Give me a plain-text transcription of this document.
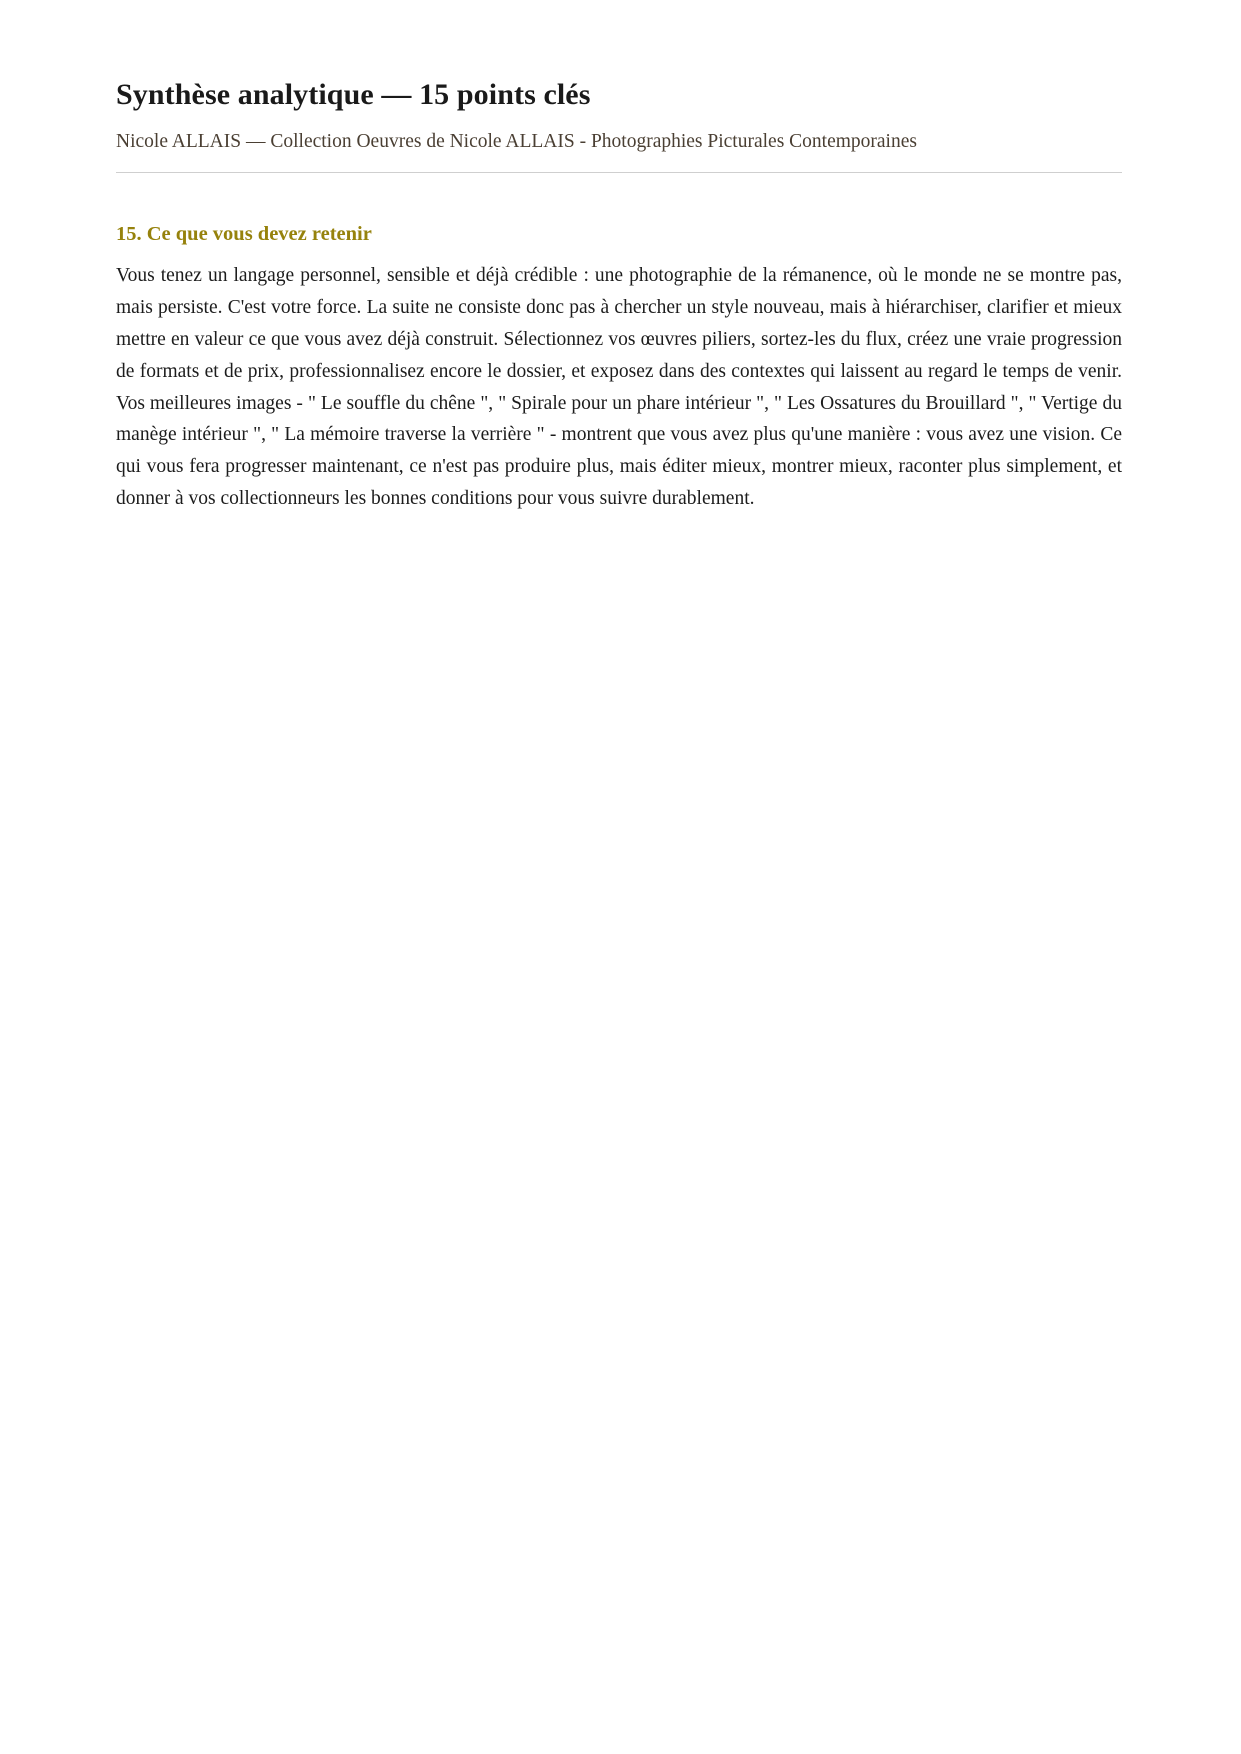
Synthèse analytique — 15 points clés
Nicole ALLAIS — Collection Oeuvres de Nicole ALLAIS - Photographies Picturales Contemporaines
15. Ce que vous devez retenir

Vous tenez un langage personnel, sensible et déjà crédible : une photographie de la rémanence, où le monde ne se montre pas, mais persiste. C'est votre force. La suite ne consiste donc pas à chercher un style nouveau, mais à hiérarchiser, clarifier et mieux mettre en valeur ce que vous avez déjà construit. Sélectionnez vos œuvres piliers, sortez-les du flux, créez une vraie progression de formats et de prix, professionnalisez encore le dossier, et exposez dans des contextes qui laissent au regard le temps de venir. Vos meilleures images - " Le souffle du chêne ", " Spirale pour un phare intérieur ", " Les Ossatures du Brouillard ", " Vertige du manège intérieur ", " La mémoire traverse la verrière " - montrent que vous avez plus qu'une manière : vous avez une vision. Ce qui vous fera progresser maintenant, ce n'est pas produire plus, mais éditer mieux, montrer mieux, raconter plus simplement, et donner à vos collectionneurs les bonnes conditions pour vous suivre durablement.
